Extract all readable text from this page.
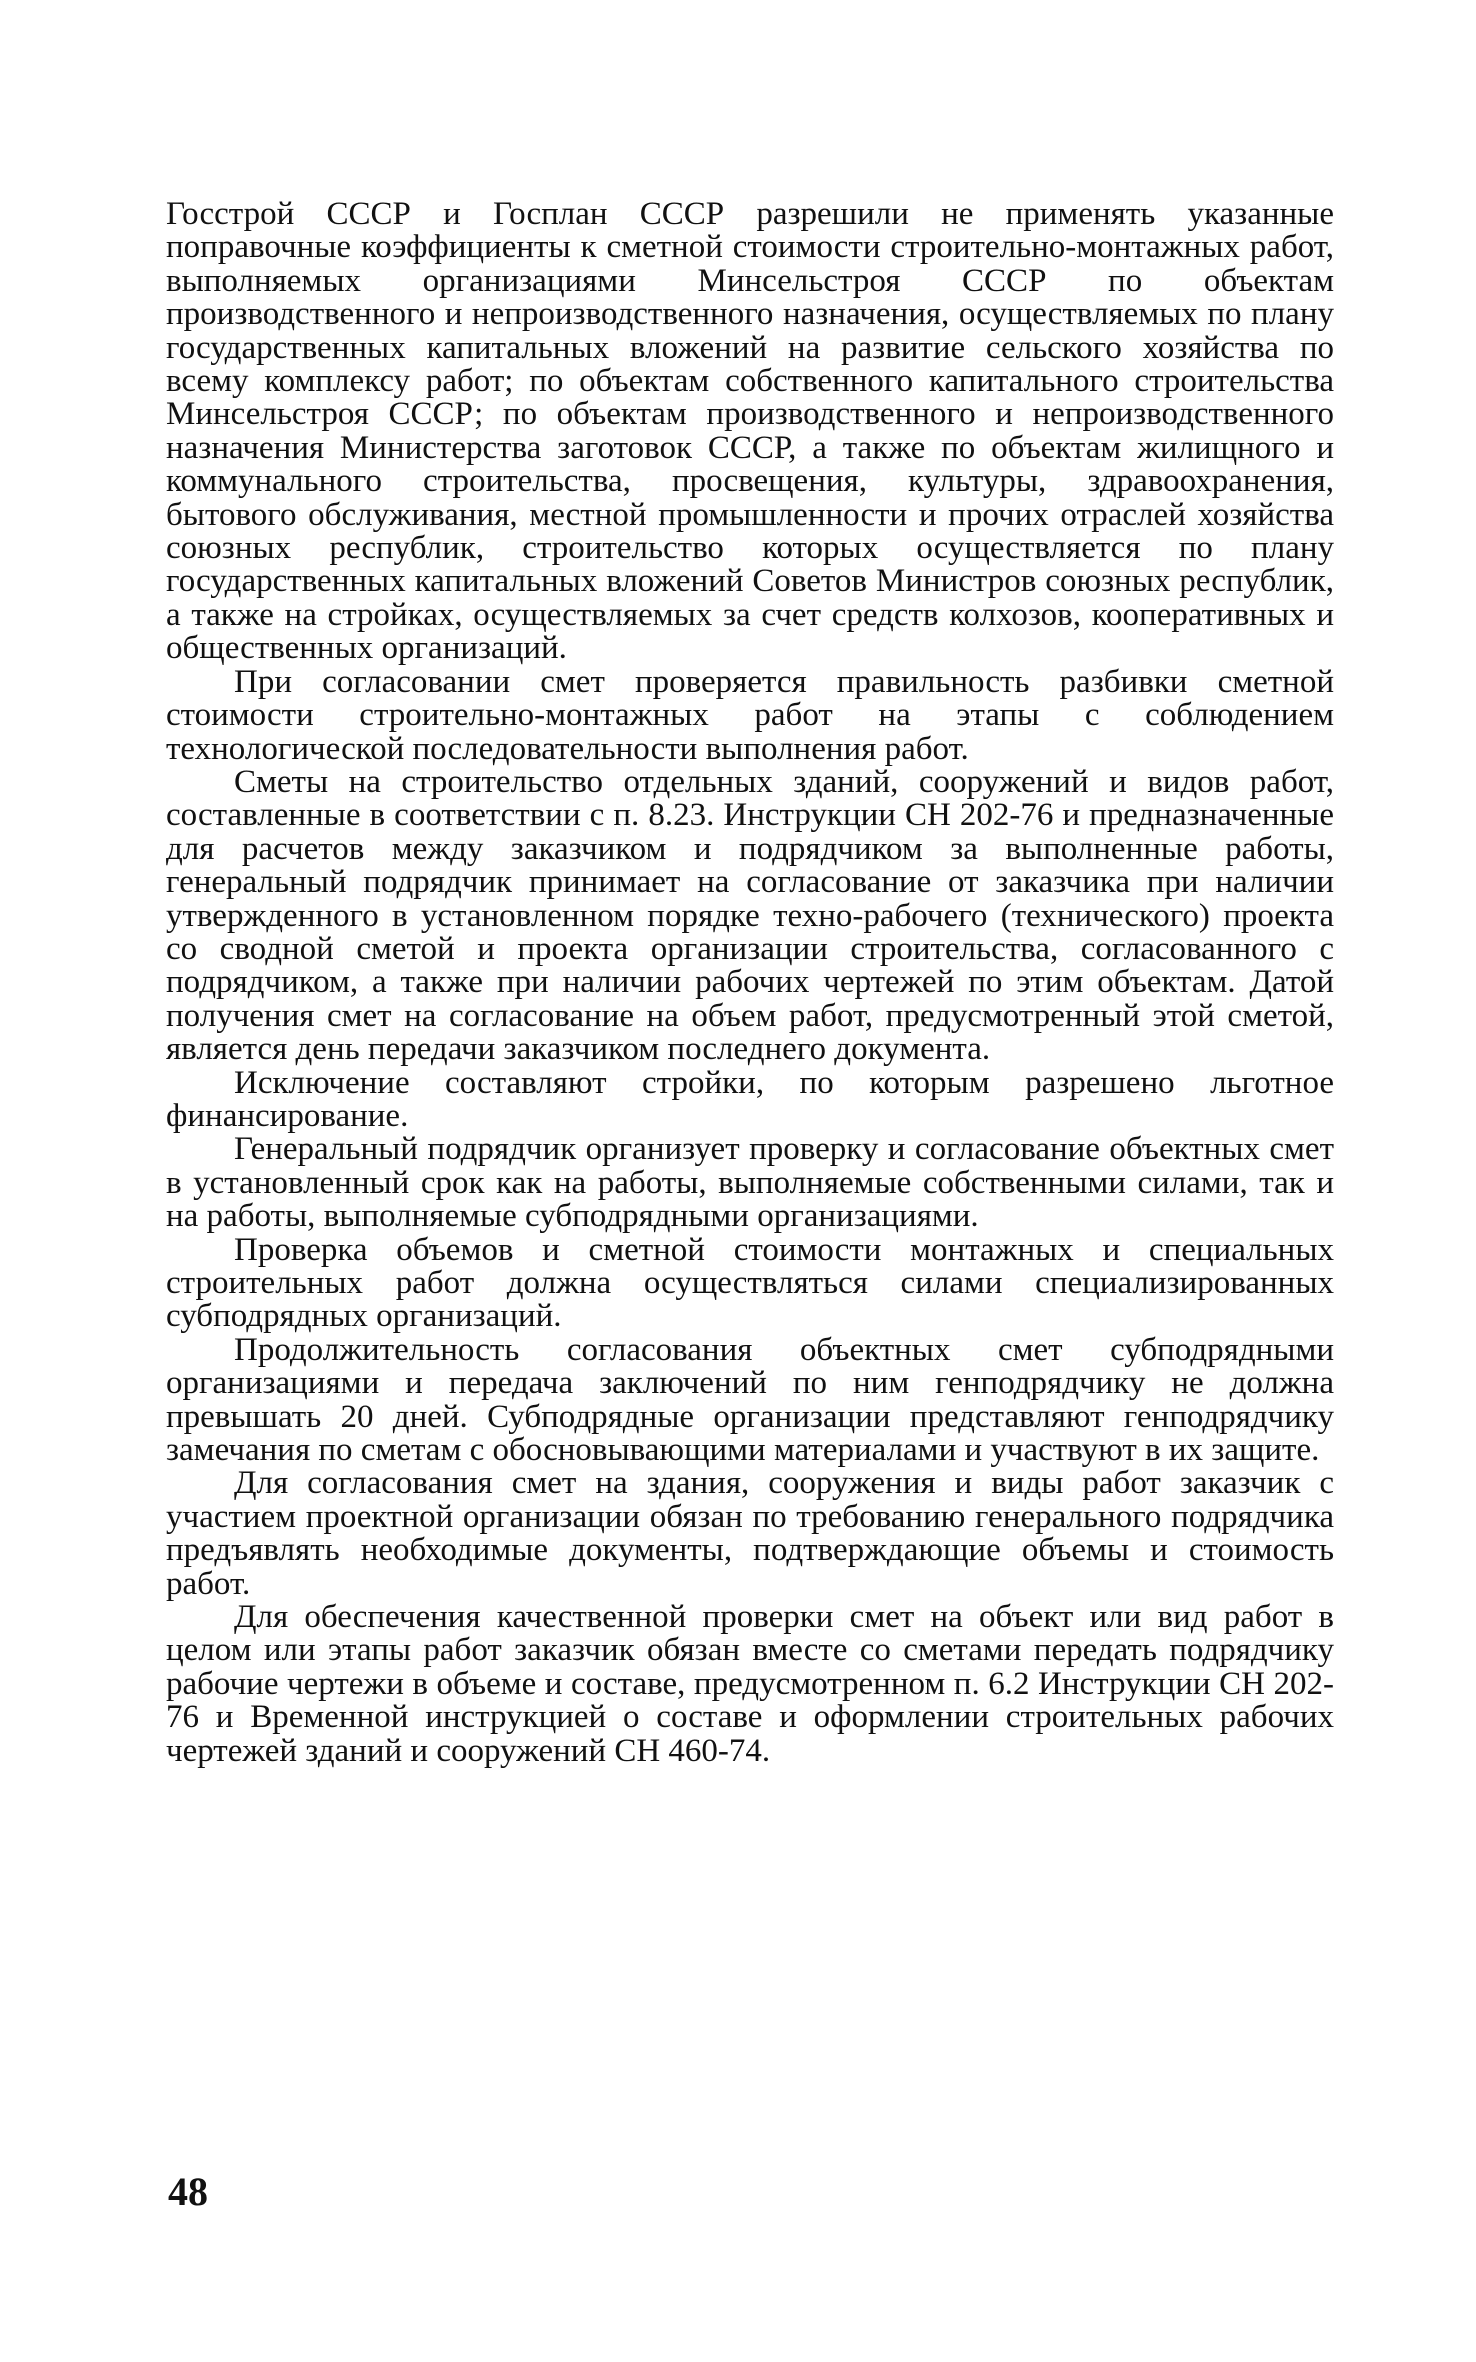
Госстрой СССР и Госплан СССР разрешили не применять указанные поправочные коэффициенты к сметной стоимости строительно-монтажных работ, выполняемых организациями Минсельстроя СССР по объектам производственного и непроизводственного назначения, осуществляемых по плану государственных капитальных вложений на развитие сельского хозяйства по всему комплексу работ; по объектам собственного капитального строительства Минсельстроя СССР; по объектам производственного и непроизводственного назначения Министерства заготовок СССР, а также по объектам жилищного и коммунального строительства, просвещения, культуры, здравоохранения, бытового обслуживания, местной промышленности и прочих отраслей хозяйства союзных республик, строительство которых осуществляется по плану государственных капитальных вложений Советов Министров союзных республик, а также на стройках, осуществляемых за счет средств колхозов, кооперативных и общественных организаций.

При согласовании смет проверяется правильность разбивки сметной стоимости строительно-монтажных работ на этапы с соблюдением технологической последовательности выполнения работ.

Сметы на строительство отдельных зданий, сооружений и видов работ, составленные в соответствии с п. 8.23. Инструкции СН 202-76 и предназначенные для расчетов между заказчиком и подрядчиком за выполненные работы, генеральный подрядчик принимает на согласование от заказчика при наличии утвержденного в установленном порядке техно-рабочего (технического) проекта со сводной сметой и проекта организации строительства, согласованного с подрядчиком, а также при наличии рабочих чертежей по этим объектам. Датой получения смет на согласование на объем работ, предусмотренный этой сметой, является день передачи заказчиком последнего документа.

Исключение составляют стройки, по которым разрешено льготное финансирование.

Генеральный подрядчик организует проверку и согласование объектных смет в установленный срок как на работы, выполняемые собственными силами, так и на работы, выполняемые субподрядными организациями.

Проверка объемов и сметной стоимости монтажных и специальных строительных работ должна осуществляться силами специализированных субподрядных организаций.

Продолжительность согласования объектных смет субподрядными организациями и передача заключений по ним генподрядчику не должна превышать 20 дней. Субподрядные организации представляют генподрядчику замечания по сметам с обосновывающими материалами и участвуют в их защите.

Для согласования смет на здания, сооружения и виды работ заказчик с участием проектной организации обязан по требованию генерального подрядчика предъявлять необходимые документы, подтверждающие объемы и стоимость работ.

Для обеспечения качественной проверки смет на объект или вид работ в целом или этапы работ заказчик обязан вместе со сметами передать подрядчику рабочие чертежи в объеме и составе, предусмотренном п. 6.2 Инструкции СН 202-76 и Временной инструкцией о составе и оформлении строительных рабочих чертежей зданий и сооружений СН 460-74.

48
